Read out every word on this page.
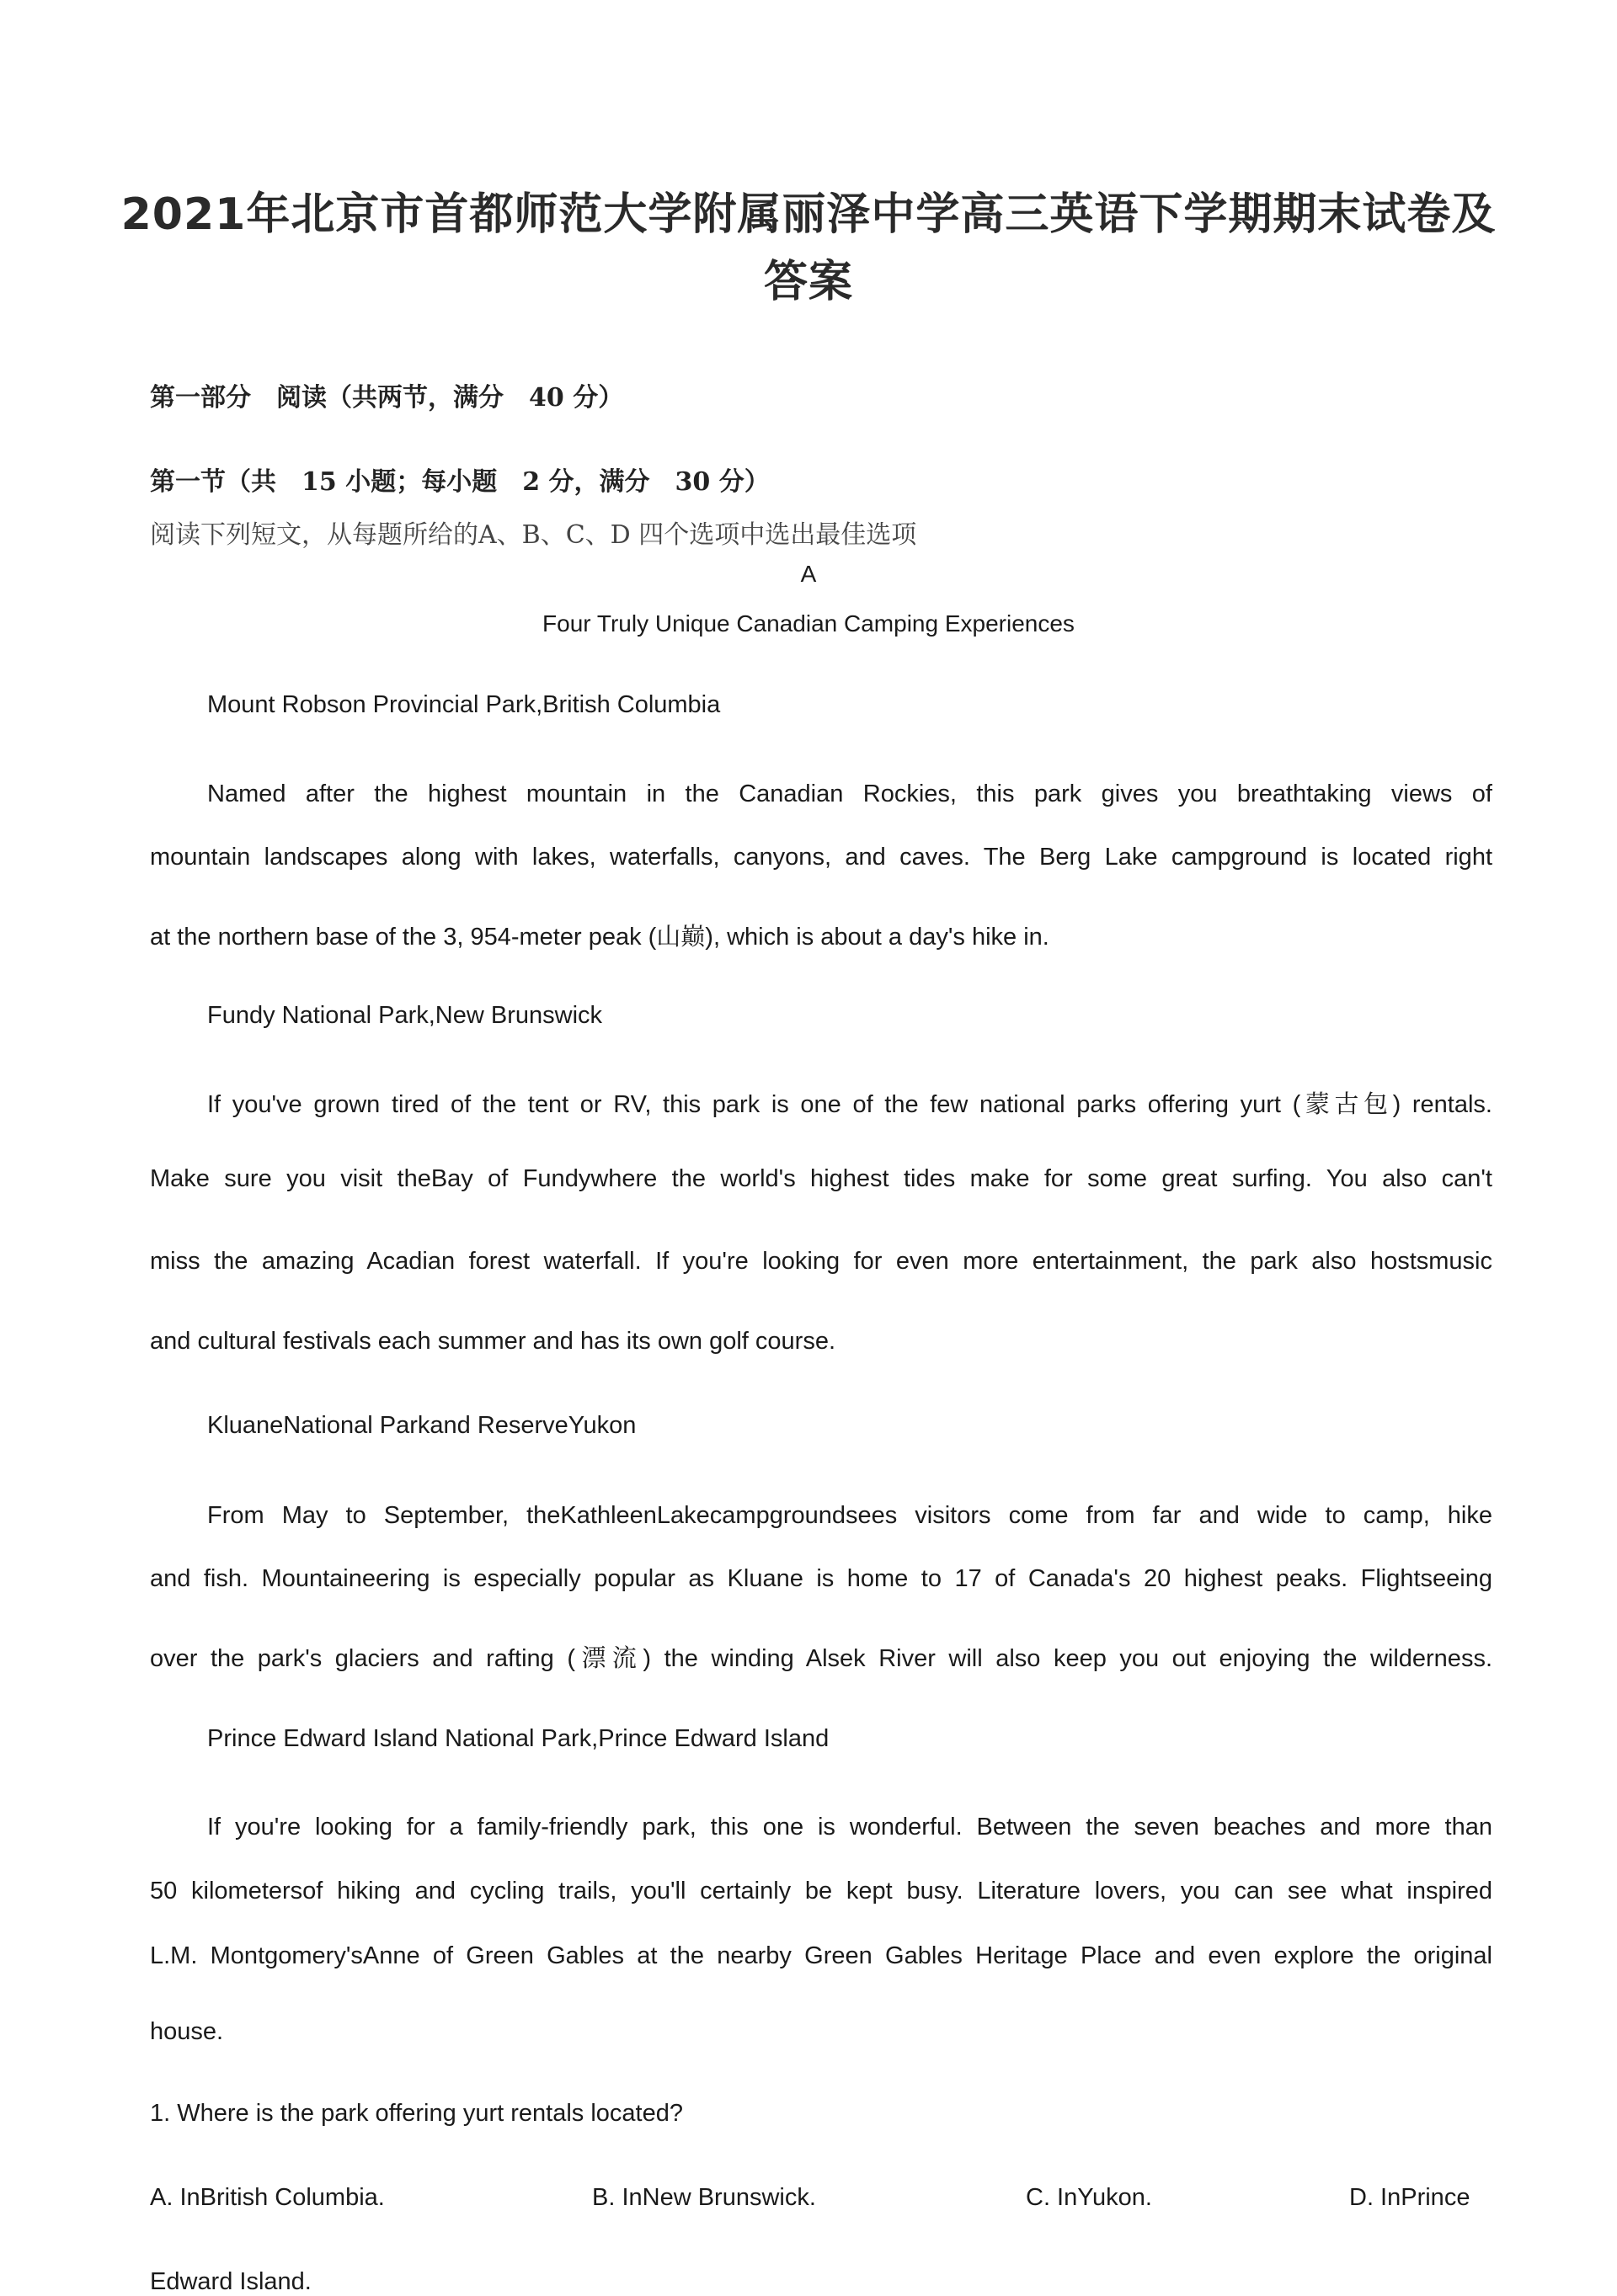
2021年北京市首都师范大学附属丽泽中学高三英语下学期期末试卷及
答案
第一部分　阅读（共两节，满分　40 分）
第一节（共　15 小题；每小题　2 分，满分　30 分）
阅读下列短文，从每题所给的A、B、C、D 四个选项中选出最佳选项
A
Four Truly Unique Canadian Camping Experiences
Mount Robson Provincial Park,British Columbia
Named after the highest mountain in the Canadian Rockies, this park gives you breathtaking views of
mountain landscapes along with lakes, waterfalls, canyons, and caves. The Berg Lake campground is located right
at the northern base of the 3, 954-meter peak (山巅), which is about a day's hike in.
Fundy National Park,New Brunswick
If you've grown tired of the tent or RV, this park is one of the few national parks offering yurt (蒙古包) rentals.
Make sure you visit theBay of Fundywhere the world's highest tides make for some great surfing. You also can't
miss the amazing Acadian forest waterfall. If you're looking for even more entertainment, the park also hostsmusic
and cultural festivals each summer and has its own golf course.
KluaneNational Parkand ReserveYukon
From May to September, theKathleenLakecampgroundsees visitors come from far and wide to camp, hike
and fish. Mountaineering is especially popular as Kluane is home to 17 of Canada's 20 highest peaks. Flightseeing
over the park's glaciers and rafting (漂流) the winding Alsek River will also keep you out enjoying the wilderness.
Prince Edward Island National Park,Prince Edward Island
If you're looking for a family-friendly park, this one is wonderful. Between the seven beaches and more than
50 kilometersof hiking and cycling trails, you'll certainly be kept busy. Literature lovers, you can see what inspired
L.M. Montgomery'sAnne of Green Gables at the nearby Green Gables Heritage Place and even explore the original
house.
1. Where is the park offering yurt rentals located?
A. InBritish Columbia.	B. InNew Brunswick.	C. InYukon.	D. InPrince
Edward Island.
